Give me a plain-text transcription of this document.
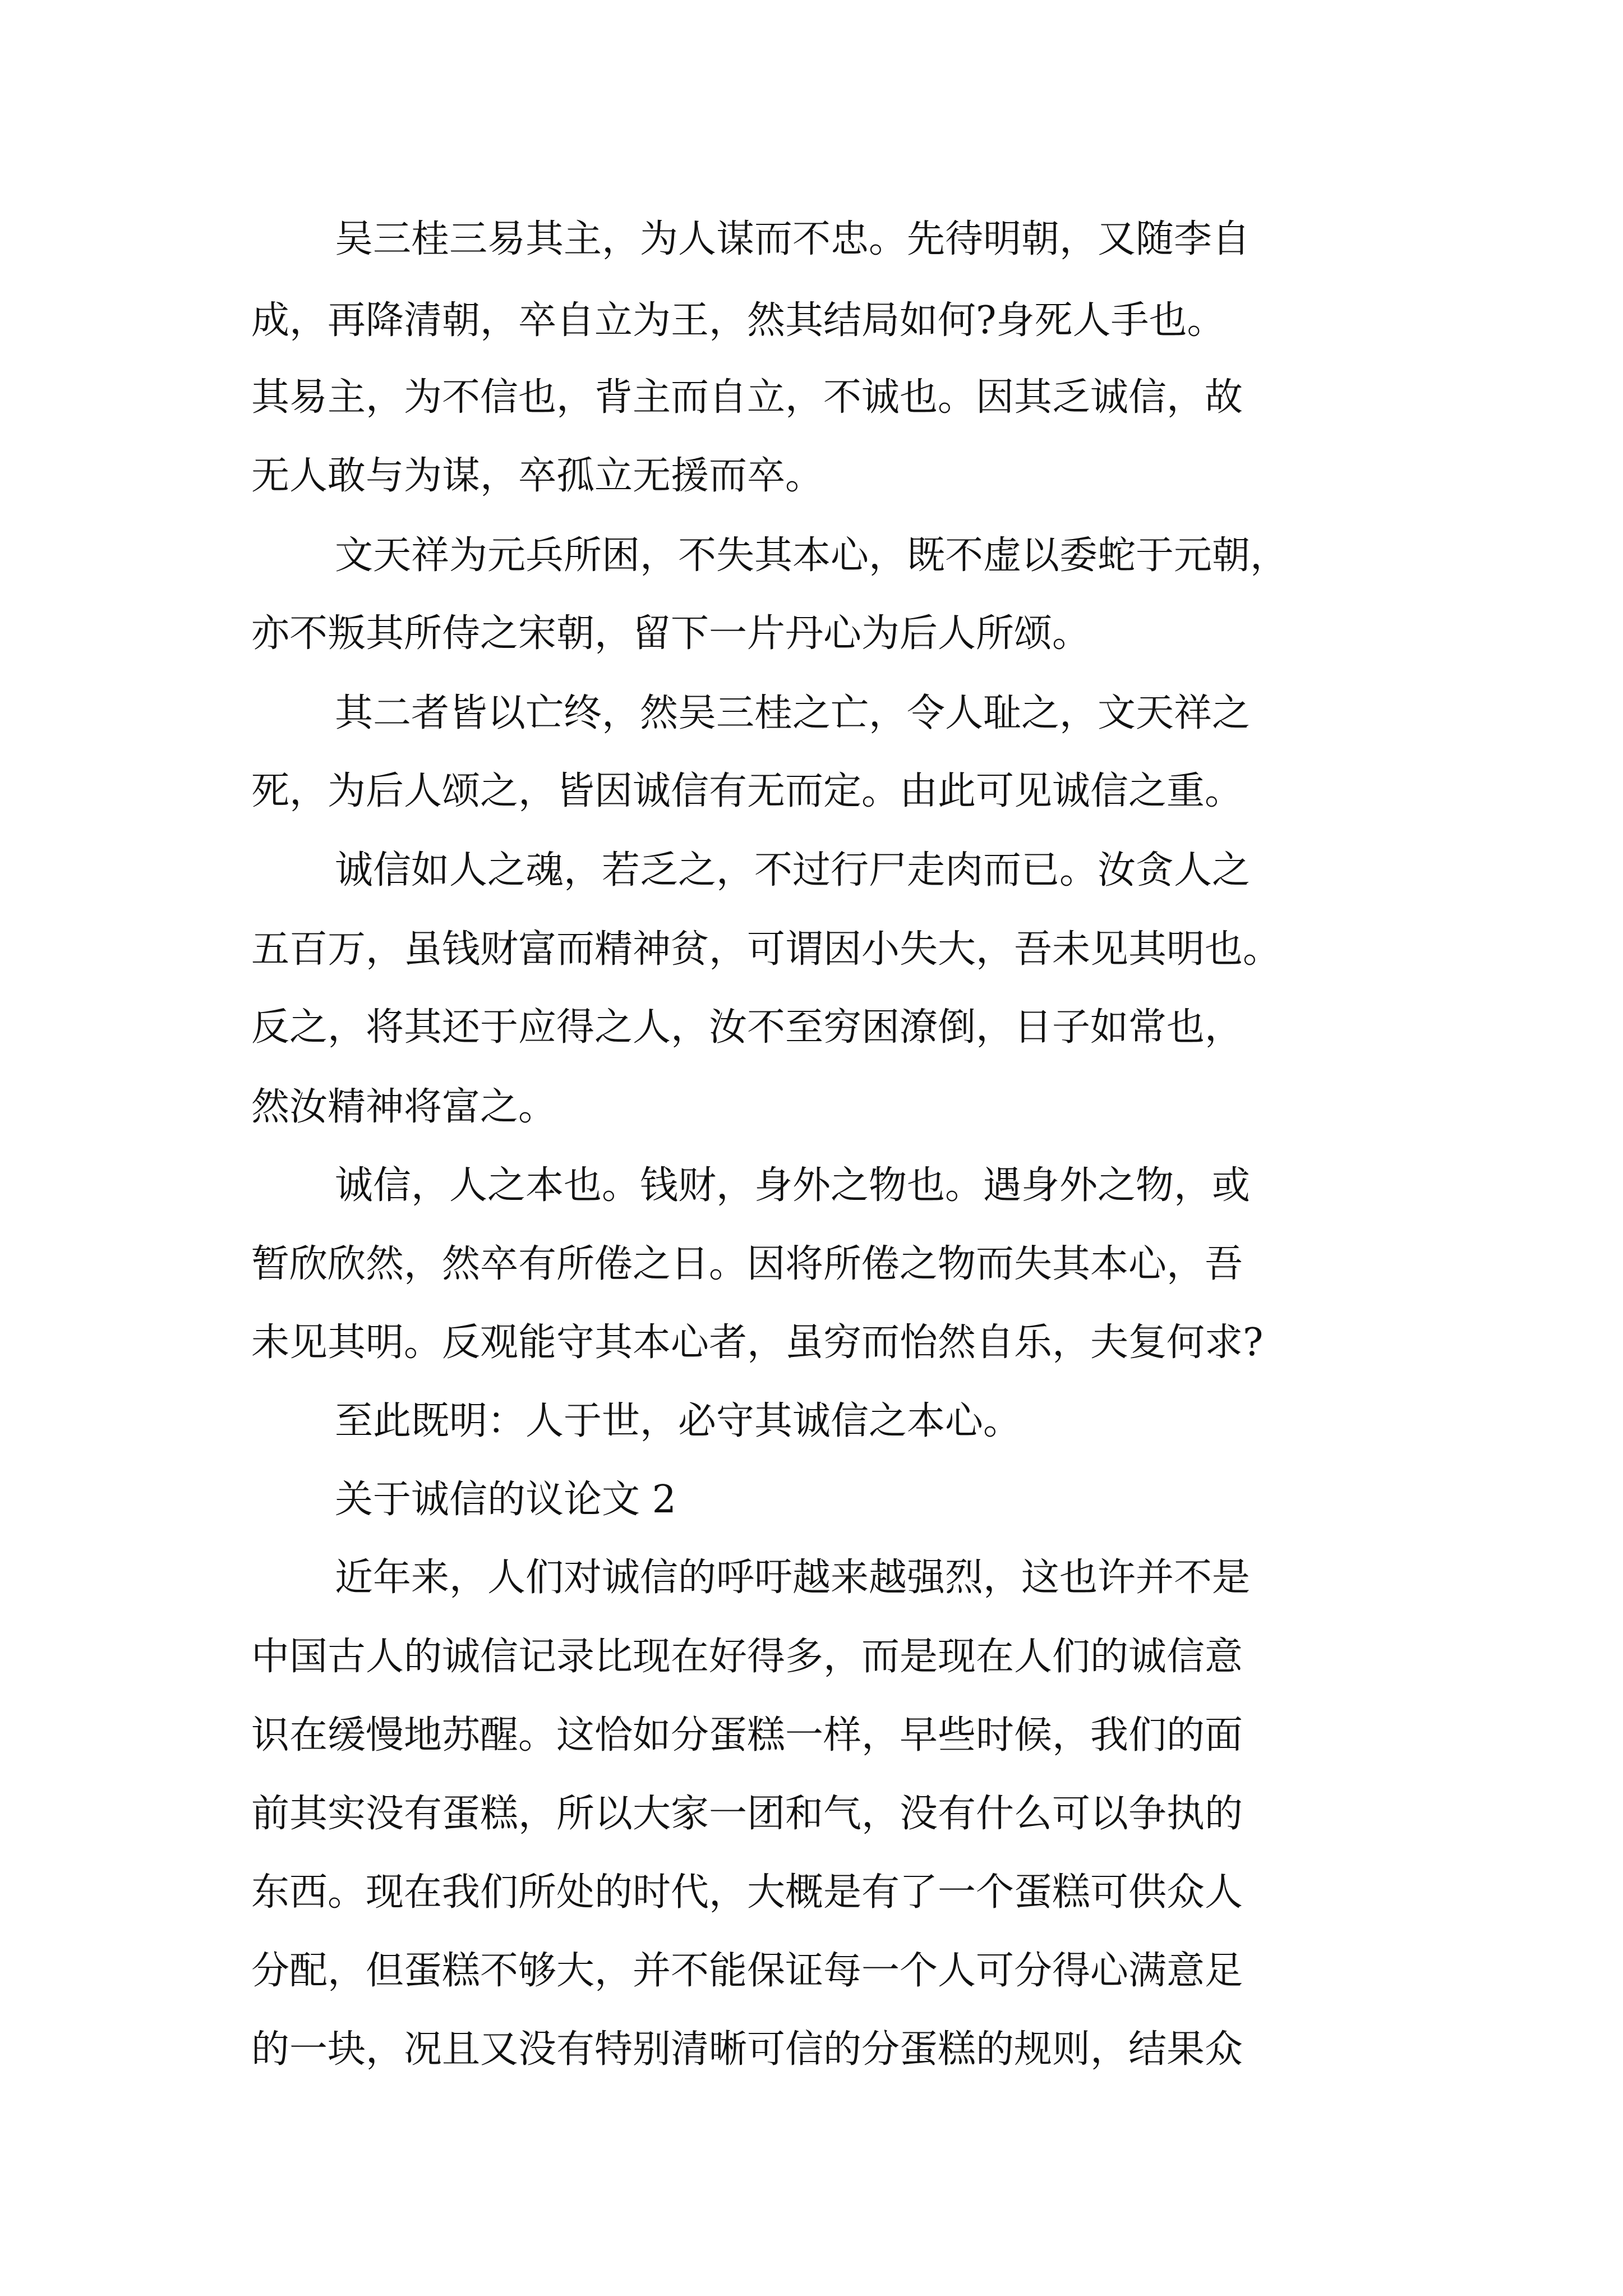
吴三桂三易其主，为人谋而不忠。先待明朝，又随李自
成，再降清朝，卒自立为王，然其结局如何?身死人手也。
其易主，为不信也，背主而自立，不诚也。因其乏诚信，故
无人敢与为谋，卒孤立无援而卒。
文天祥为元兵所困，不失其本心，既不虚以委蛇于元朝，
亦不叛其所侍之宋朝，留下一片丹心为后人所颂。
其二者皆以亡终，然吴三桂之亡，令人耻之，文天祥之
死，为后人颂之，皆因诚信有无而定。由此可见诚信之重。
诚信如人之魂，若乏之，不过行尸走肉而已。汝贪人之
五百万，虽钱财富而精神贫，可谓因小失大，吾未见其明也。
反之，将其还于应得之人，汝不至穷困潦倒，日子如常也，
然汝精神将富之。
诚信，人之本也。钱财，身外之物也。遇身外之物，或
暂欣欣然，然卒有所倦之日。因将所倦之物而失其本心，吾
未见其明。反观能守其本心者，虽穷而怡然自乐，夫复何求?
至此既明：人于世，必守其诚信之本心。
关于诚信的议论文 2
近年来，人们对诚信的呼吁越来越强烈，这也许并不是
中国古人的诚信记录比现在好得多，而是现在人们的诚信意
识在缓慢地苏醒。这恰如分蛋糕一样，早些时候，我们的面
前其实没有蛋糕，所以大家一团和气，没有什么可以争执的
东西。现在我们所处的时代，大概是有了一个蛋糕可供众人
分配，但蛋糕不够大，并不能保证每一个人可分得心满意足
的一块，况且又没有特别清晰可信的分蛋糕的规则，结果众
